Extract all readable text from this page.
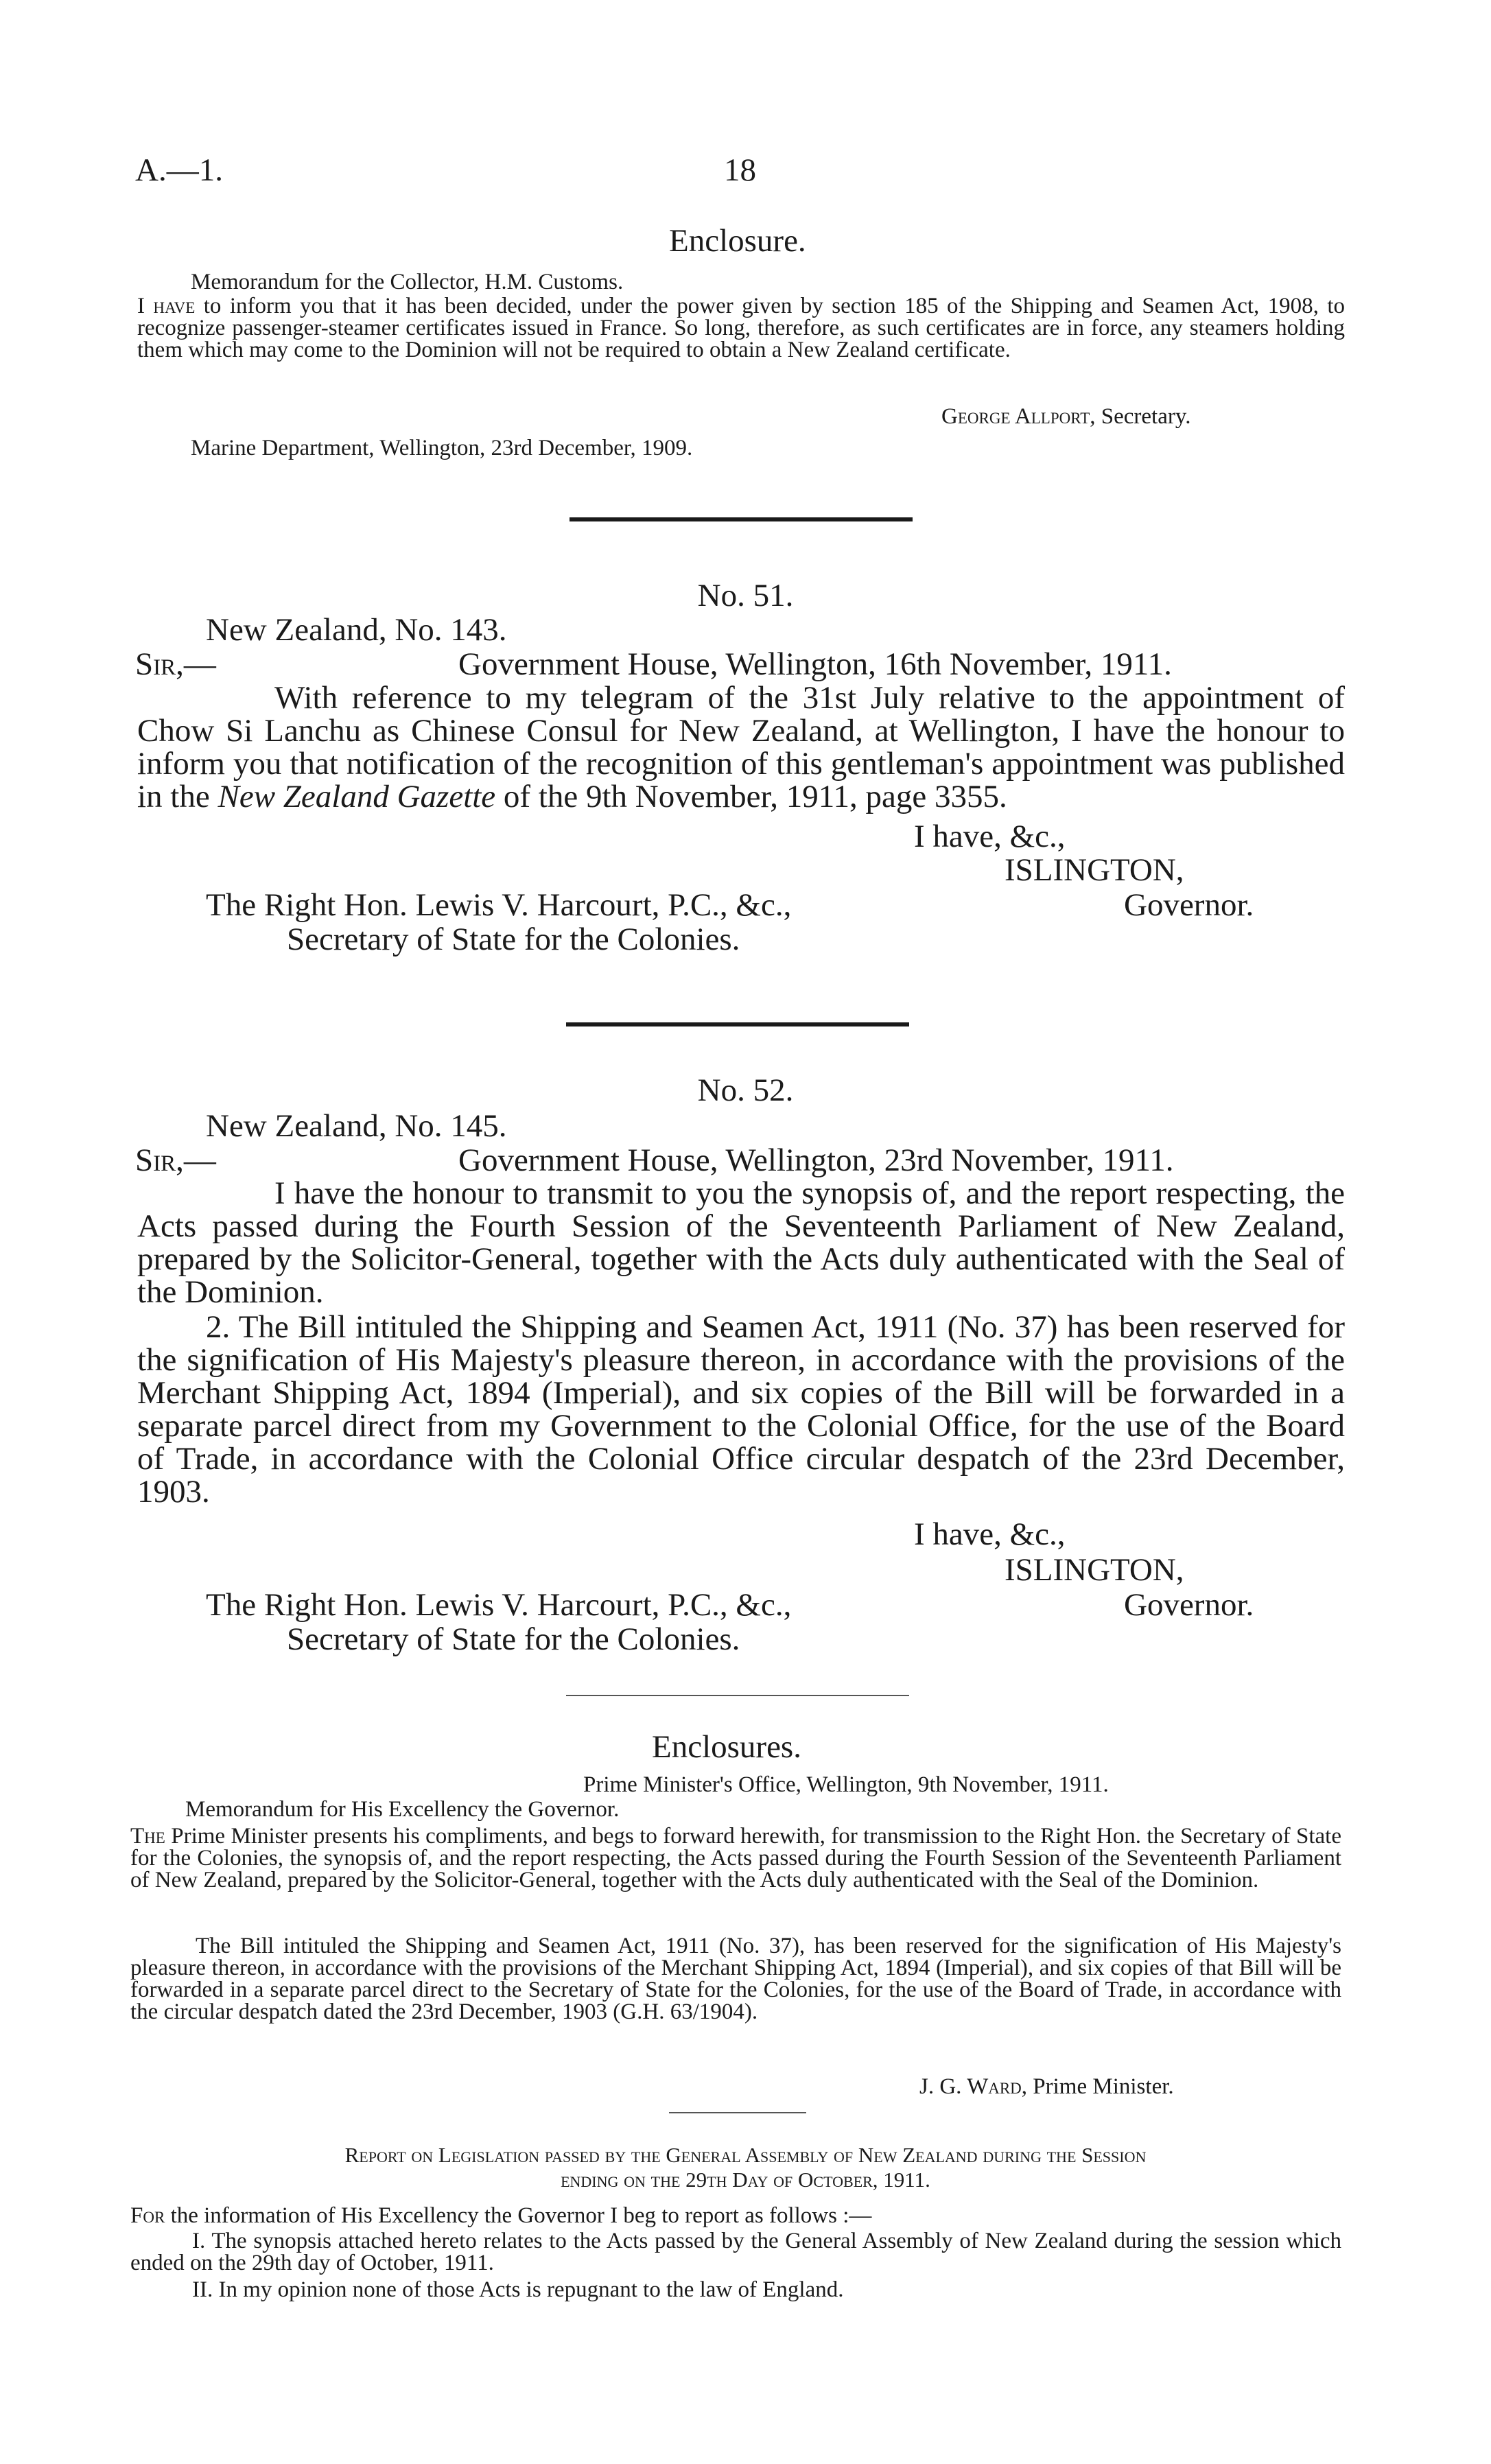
A.—1.	18
Enclosure.
Memorandum for the Collector, H.M. Customs.

I have to inform you that it has been decided, under the power given by section 185 of the Shipping and Seamen Act, 1908, to recognize passenger-steamer certificates issued in France. So long, therefore, as such certificates are in force, any steamers holding them which may come to the Dominion will not be required to obtain a New Zealand certificate.

George Allport, Secretary.
Marine Department, Wellington, 23rd December, 1909.
No. 51.
New Zealand, No. 143.
Sir,—	Government House, Wellington, 16th November, 1911.

With reference to my telegram of the 31st July relative to the appointment of Chow Si Lanchu as Chinese Consul for New Zealand, at Wellington, I have the honour to inform you that notification of the recognition of this gentleman's appointment was published in the New Zealand Gazette of the 9th November, 1911, page 3355.

I have, &c.,
ISLINGTON,
The Right Hon. Lewis V. Harcourt, P.C., &c.,	Governor.
Secretary of State for the Colonies.
No. 52.
New Zealand, No. 145.
Sir,—	Government House, Wellington, 23rd November, 1911.

I have the honour to transmit to you the synopsis of, and the report respecting, the Acts passed during the Fourth Session of the Seventeenth Parliament of New Zealand, prepared by the Solicitor-General, together with the Acts duly authenticated with the Seal of the Dominion.

2. The Bill intituled the Shipping and Seamen Act, 1911 (No. 37) has been reserved for the signification of His Majesty's pleasure thereon, in accordance with the provisions of the Merchant Shipping Act, 1894 (Imperial), and six copies of the Bill will be forwarded in a separate parcel direct from my Government to the Colonial Office, for the use of the Board of Trade, in accordance with the Colonial Office circular despatch of the 23rd December, 1903.

I have, &c.,
ISLINGTON,
The Right Hon. Lewis V. Harcourt, P.C., &c.,	Governor.
Secretary of State for the Colonies.
Enclosures.
Prime Minister's Office, Wellington, 9th November, 1911.
Memorandum for His Excellency the Governor.

The Prime Minister presents his compliments, and begs to forward herewith, for transmission to the Right Hon. the Secretary of State for the Colonies, the synopsis of, and the report respecting, the Acts passed during the Fourth Session of the Seventeenth Parliament of New Zealand, prepared by the Solicitor-General, together with the Acts duly authenticated with the Seal of the Dominion.

The Bill intituled the Shipping and Seamen Act, 1911 (No. 37), has been reserved for the signification of His Majesty's pleasure thereon, in accordance with the provisions of the Merchant Shipping Act, 1894 (Imperial), and six copies of that Bill will be forwarded in a separate parcel direct to the Secretary of State for the Colonies, for the use of the Board of Trade, in accordance with the circular despatch dated the 23rd December, 1903 (G.H. 63/1904).

J. G. Ward, Prime Minister.
Report on Legislation passed by the General Assembly of New Zealand during the Session
ending on the 29th Day of October, 1911.
For the information of His Excellency the Governor I beg to report as follows :—

I. The synopsis attached hereto relates to the Acts passed by the General Assembly of New Zealand during the session which ended on the 29th day of October, 1911.

II. In my opinion none of those Acts is repugnant to the law of England.
